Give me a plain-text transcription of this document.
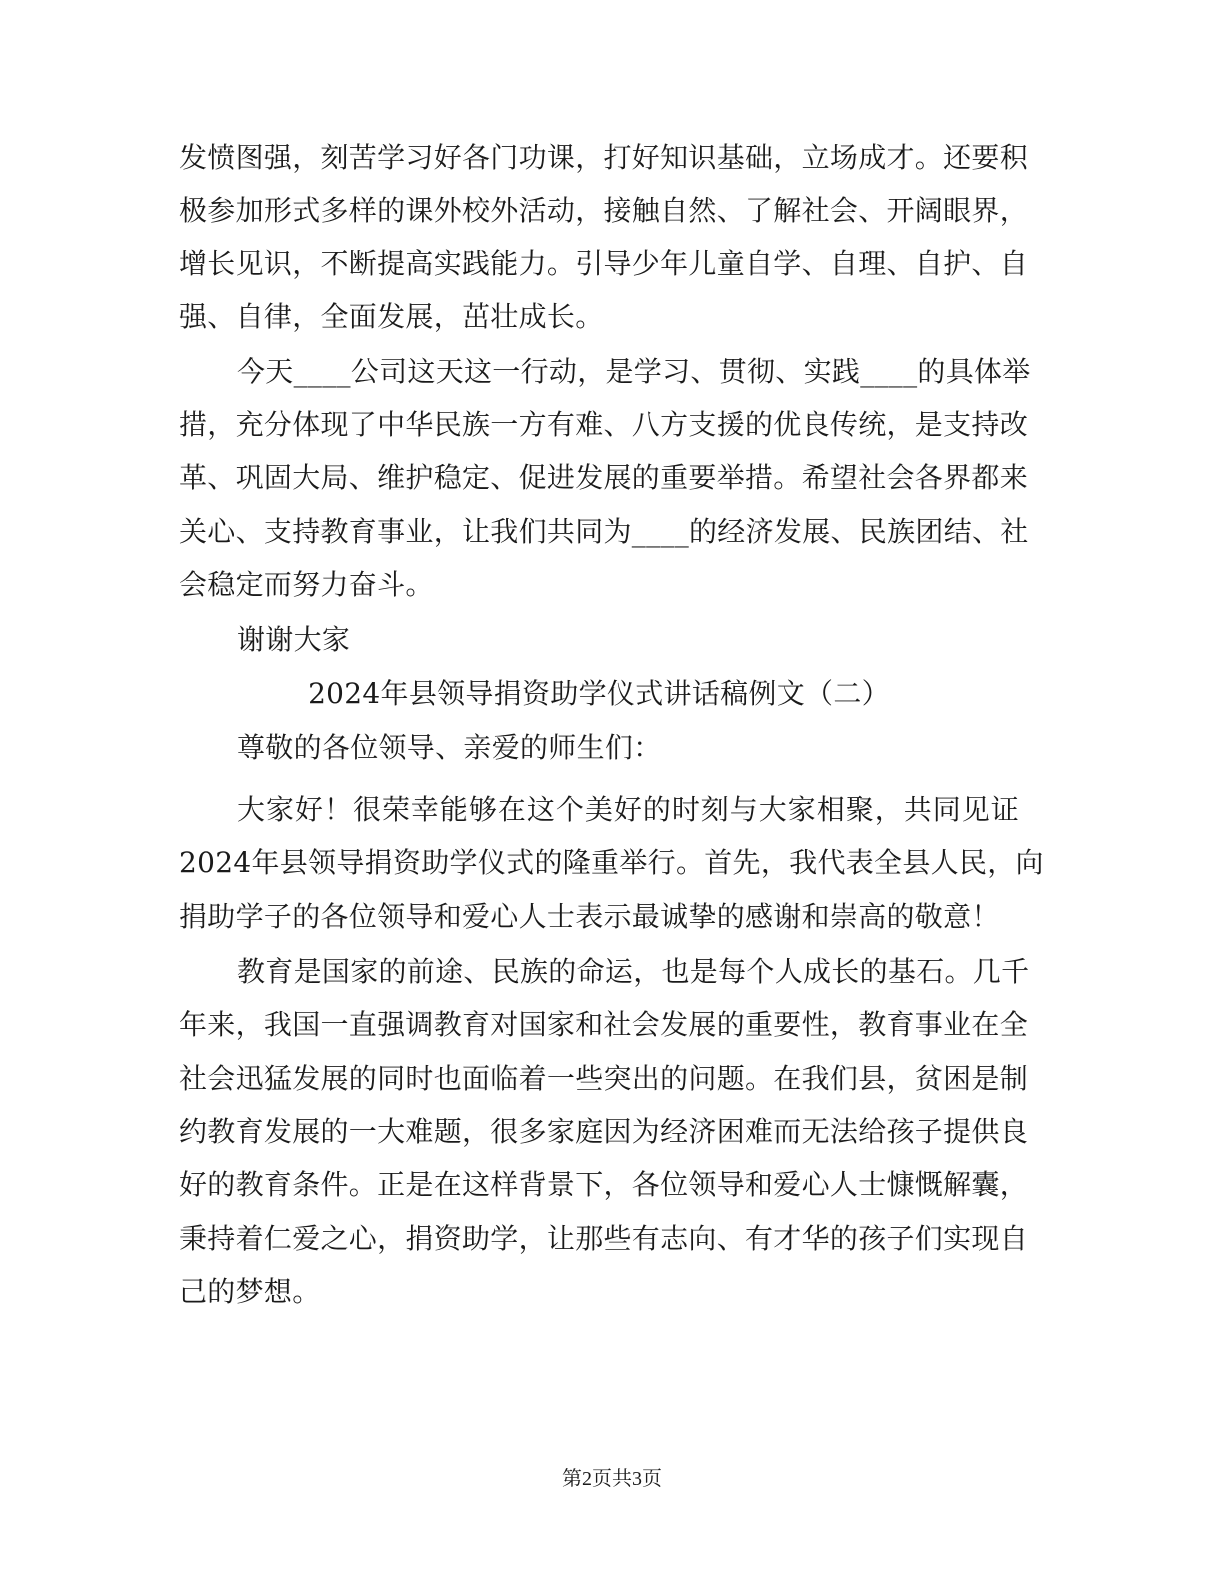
发愤图强，刻苦学习好各门功课，打好知识基础，立场成才。还要积
极参加形式多样的课外校外活动，接触自然、了解社会、开阔眼界，
增长见识，不断提高实践能力。引导少年儿童自学、自理、自护、自
强、自律，全面发展，茁壮成长。
今天____公司这天这一行动，是学习、贯彻、实践____的具体举
措，充分体现了中华民族一方有难、八方支援的优良传统，是支持改
革、巩固大局、维护稳定、促进发展的重要举措。希望社会各界都来
关心、支持教育事业，让我们共同为____的经济发展、民族团结、社
会稳定而努力奋斗。
谢谢大家
2024年县领导捐资助学仪式讲话稿例文（二）
尊敬的各位领导、亲爱的师生们：
大家好！很荣幸能够在这个美好的时刻与大家相聚，共同见证
2024年县领导捐资助学仪式的隆重举行。首先，我代表全县人民，向
捐助学子的各位领导和爱心人士表示最诚挚的感谢和崇高的敬意！
教育是国家的前途、民族的命运，也是每个人成长的基石。几千
年来，我国一直强调教育对国家和社会发展的重要性，教育事业在全
社会迅猛发展的同时也面临着一些突出的问题。在我们县，贫困是制
约教育发展的一大难题，很多家庭因为经济困难而无法给孩子提供良
好的教育条件。正是在这样背景下，各位领导和爱心人士慷慨解囊，
秉持着仁爱之心，捐资助学，让那些有志向、有才华的孩子们实现自
己的梦想。
第2页共3页
